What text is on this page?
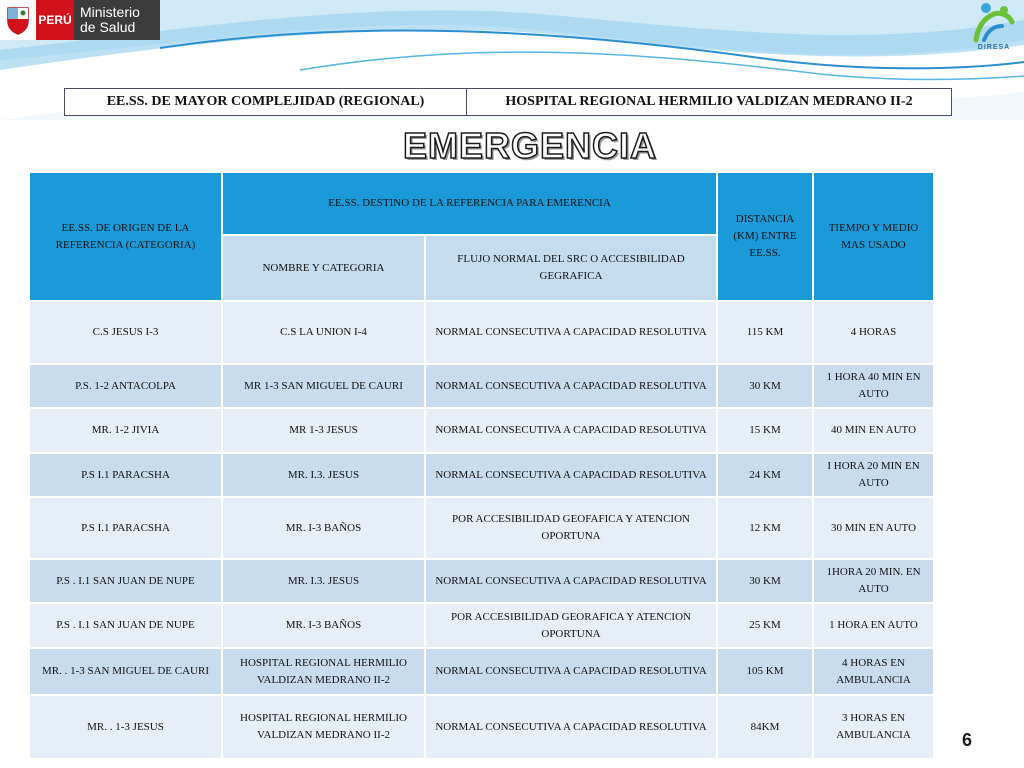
PERÚ Ministerio
de Salud
DIRESA
EE.SS. DE MAYOR COMPLEJIDAD (REGIONAL)	HOSPITAL REGIONAL HERMILIO VALDIZAN MEDRANO II-2
EMERGENCIA
EE.SS. DE ORIGEN DE LA REFERENCIA (CATEGORIA)	EE.SS. DESTINO DE LA REFERENCIA PARA EMERENCIA		DISTANCIA (KM) ENTRE EE.SS.	TIEMPO Y MEDIO MAS USADO
	NOMBRE Y CATEGORIA	FLUJO NORMAL DEL SRC O ACCESIBILIDAD GEGRAFICA		
C.S JESUS I-3	C.S LA UNION I-4	NORMAL CONSECUTIVA A CAPACIDAD RESOLUTIVA	115 KM	4 HORAS
P.S. 1-2 ANTACOLPA	MR 1-3 SAN MIGUEL DE CAURI	NORMAL CONSECUTIVA A CAPACIDAD RESOLUTIVA	30 KM	1 HORA 40 MIN EN AUTO
MR. 1-2 JIVIA	MR 1-3 JESUS	NORMAL CONSECUTIVA A CAPACIDAD RESOLUTIVA	15 KM	40 MIN EN AUTO
P.S I.1 PARACSHA	MR. I.3. JESUS	NORMAL CONSECUTIVA A CAPACIDAD RESOLUTIVA	24 KM	I HORA 20 MIN EN AUTO
P.S I.1 PARACSHA	MR. I-3 BAÑOS	POR ACCESIBILIDAD GEOFAFICA Y ATENCION OPORTUNA	12 KM	30 MIN EN AUTO
P.S . I.1 SAN JUAN DE NUPE	MR. I.3. JESUS	NORMAL CONSECUTIVA A CAPACIDAD RESOLUTIVA	30 KM	1HORA 20 MIN. EN AUTO
P.S . I.1 SAN JUAN DE NUPE	MR. I-3 BAÑOS	POR ACCESIBILIDAD GEORAFICA Y ATENCION OPORTUNA	25 KM	1 HORA EN AUTO
MR. . 1-3 SAN MIGUEL DE CAURI	HOSPITAL REGIONAL HERMILIO VALDIZAN MEDRANO II-2	NORMAL CONSECUTIVA A CAPACIDAD RESOLUTIVA	105 KM	4 HORAS EN AMBULANCIA
MR. . 1-3 JESUS	HOSPITAL REGIONAL HERMILIO VALDIZAN MEDRANO II-2	NORMAL CONSECUTIVA A CAPACIDAD RESOLUTIVA	84KM	3 HORAS EN AMBULANCIA	6
